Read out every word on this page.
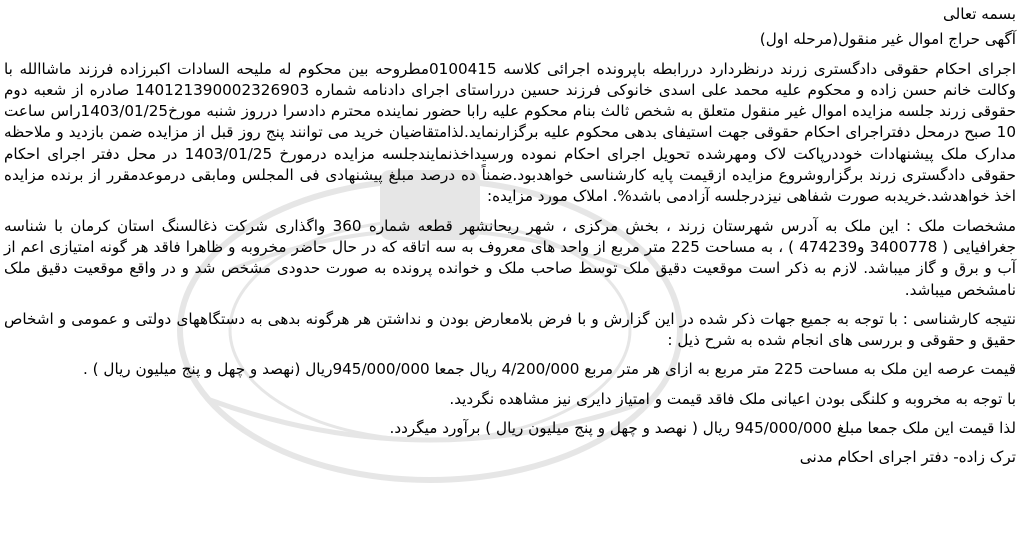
بسمه تعالی

آگهی حراج اموال غیر منقول(مرحله اول)

اجرای احکام حقوقی دادگستری زرند درنظردارد دررابطه باپرونده اجرائی کلاسه 0100415مطروحه بین محکوم له ملیحه السادات اکبرزاده فرزند ماشاالله با وکالت خانم حسن زاده و محکوم علیه محمد علی اسدی خانوکی فرزند حسین درراستای اجرای دادنامه شماره 140121390002326903 صادره از شعبه دوم حقوقی زرند جلسه مزایده اموال غیر منقول متعلق به شخص ثالث بنام محکوم علیه رابا حضور نماینده محترم دادسرا درروز شنبه مورخ1403/01/25راس ساعت 10 صبح درمحل دفتراجرای احکام حقوقی جهت استیفای بدهی محکوم علیه برگزارنماید.لذامتقاضیان خرید می توانند پنج روز قبل از مزایده ضمن بازدید و ملاحظه مدارک ملک پیشنهادات خوددرپاکت لاک ومهرشده تحویل اجرای احکام نموده ورسیداخذنمایندجلسه مزایده درمورخ 1403/01/25 در محل دفتر اجرای احکام حقوقی دادگستری زرند برگزاروشروع مزایده ازقیمت پایه کارشناسی خواهدبود.ضمناً ده درصد مبلغ پیشنهادی فی المجلس ومابقی درموعدمقرر از برنده مزایده اخذ خواهدشد.خریدبه صورت شفاهی نیزدرجلسه آزادمی باشد%. املاک مورد مزایده:

مشخصات ملک : این ملک به آدرس شهرستان زرند ، بخش مرکزی ، شهر ریحانشهر قطعه شماره 360 واگذاری شرکت ذغالسنگ استان کرمان با شناسه جغرافیایی ( 3400778 و474239 ) ، به مساحت 225 متر مربع از واحد های معروف به سه اتاقه که در حال حاضر مخروبه و ظاهرا فاقد هر گونه امتیازی اعم از آب و برق و گاز میباشد. لازم به ذکر است موقعیت دقیق ملک توسط صاحب ملک و خوانده پرونده به صورت حدودی مشخص شد و در واقع موقعیت دقیق ملک نامشخص میباشد.

نتیجه کارشناسی : با توجه به جمیع جهات ذکر شده در این گزارش و با فرض بلامعارض بودن و نداشتن هر هرگونه بدهی به دستگاههای دولتی و عمومی و اشخاص حقیق و حقوقی و بررسی های انجام شده به شرح ذیل :

قیمت عرصه این ملک به مساحت 225 متر مربع به ازای هر متر مربع 4/200/000 ریال جمعا 945/000/000ریال (نهصد و چهل و پنج میلیون ریال ) .

با توجه به مخروبه و کلنگی بودن اعیانی ملک فاقد قیمت و امتیاز دایری نیز مشاهده نگردید.

لذا قیمت این ملک جمعا مبلغ 945/000/000 ریال ( نهصد و چهل و پنج میلیون ریال ) برآورد میگردد.

ترک زاده- دفتر اجرای احکام مدنی
